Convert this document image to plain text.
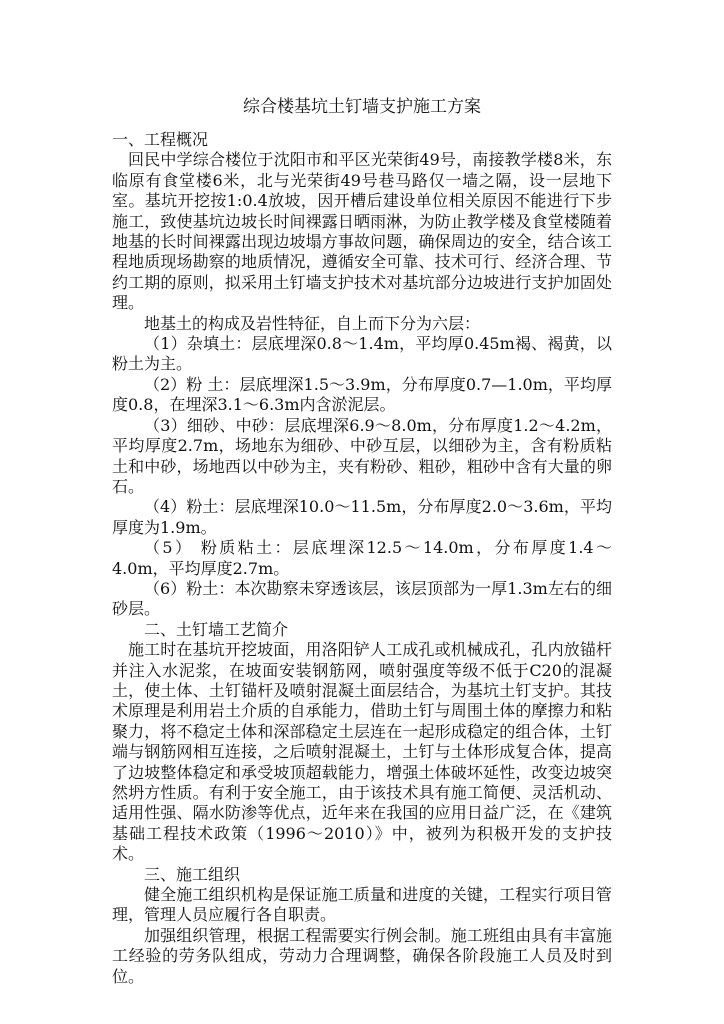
综合楼基坑土钉墙支护施工方案

一、工程概况

回民中学综合楼位于沈阳市和平区光荣街49号，南接教学楼8米，东临原有食堂楼6米，北与光荣街49号巷马路仅一墙之隔，设一层地下室。基坑开挖按1:0.4放坡，因开槽后建设单位相关原因不能进行下步施工，致使基坑边坡长时间裸露日晒雨淋，为防止教学楼及食堂楼随着地基的长时间裸露出现边坡塌方事故问题，确保周边的安全，结合该工程地质现场勘察的地质情况，遵循安全可靠、技术可行、经济合理、节约工期的原则，拟采用土钉墙支护技术对基坑部分边坡进行支护加固处理。

地基土的构成及岩性特征，自上而下分为六层：

（1）杂填土：层底埋深0.8～1.4m，平均厚0.45m褐、褐黄，以粉土为主。

（2）粉 土：层底埋深1.5～3.9m，分布厚度0.7—1.0m，平均厚度0.8，在埋深3.1～6.3m内含淤泥层。

（3）细砂、中砂：层底埋深6.9～8.0m，分布厚度1.2～4.2m，平均厚度2.7m，场地东为细砂、中砂互层，以细砂为主，含有粉质粘土和中砂，场地西以中砂为主，夹有粉砂、粗砂，粗砂中含有大量的卵石。

（4）粉土：层底埋深10.0～11.5m，分布厚度2.0～3.6m，平均厚度为1.9m。

（5） 粉质粘土：层底埋深12.5～14.0m，分布厚度1.4～4.0m，平均厚度2.7m。

（6）粉土：本次勘察未穿透该层，该层顶部为一厚1.3m左右的细砂层。

二、土钉墙工艺简介

施工时在基坑开挖坡面，用洛阳铲人工成孔或机械成孔，孔内放锚杆并注入水泥浆，在坡面安装钢筋网，喷射强度等级不低于C20的混凝土，使土体、土钉锚杆及喷射混凝土面层结合，为基坑土钉支护。其技术原理是利用岩土介质的自承能力，借助土钉与周围土体的摩擦力和粘聚力，将不稳定土体和深部稳定土层连在一起形成稳定的组合体，土钉端与钢筋网相互连接，之后喷射混凝土，土钉与土体形成复合体，提高了边坡整体稳定和承受坡顶超载能力，增强土体破坏延性，改变边坡突然坍方性质。有利于安全施工，由于该技术具有施工简便、灵活机动、适用性强、隔水防渗等优点，近年来在我国的应用日益广泛，在《建筑基础工程技术政策（1996～2010）》中，被列为积极开发的支护技术。

三、施工组织

健全施工组织机构是保证施工质量和进度的关键，工程实行项目管理，管理人员应履行各自职责。

加强组织管理，根据工程需要实行例会制。施工班组由具有丰富施工经验的劳务队组成，劳动力合理调整，确保各阶段施工人员及时到位。
